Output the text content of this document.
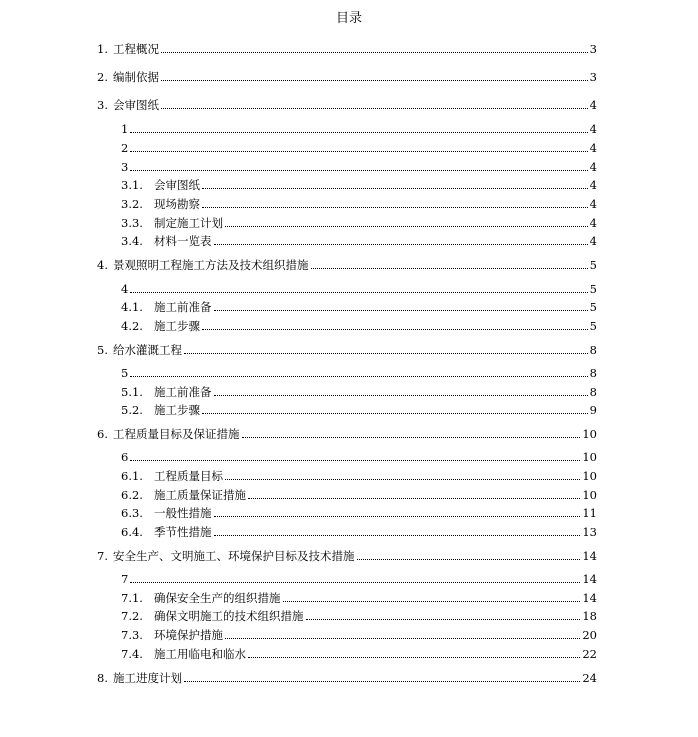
目录
1. 工程概况	3
2. 编制依据	3
3. 会审图纸	4
1	4
2	4
3	4
3.1. 会审图纸	4
3.2. 现场勘察	4
3.3. 制定施工计划	4
3.4. 材料一览表	4
4. 景观照明工程施工方法及技术组织措施	5
4	5
4.1. 施工前准备	5
4.2. 施工步骤	5
5. 给水灌溉工程	8
5	8
5.1. 施工前准备	8
5.2. 施工步骤	9
6. 工程质量目标及保证措施	10
6	10
6.1. 工程质量目标	10
6.2. 施工质量保证措施	10
6.3. 一般性措施	11
6.4. 季节性措施	13
7. 安全生产、文明施工、环境保护目标及技术措施	14
7	14
7.1. 确保安全生产的组织措施	14
7.2. 确保文明施工的技术组织措施	18
7.3. 环境保护措施	20
7.4. 施工用临电和临水	22
8. 施工进度计划	24
